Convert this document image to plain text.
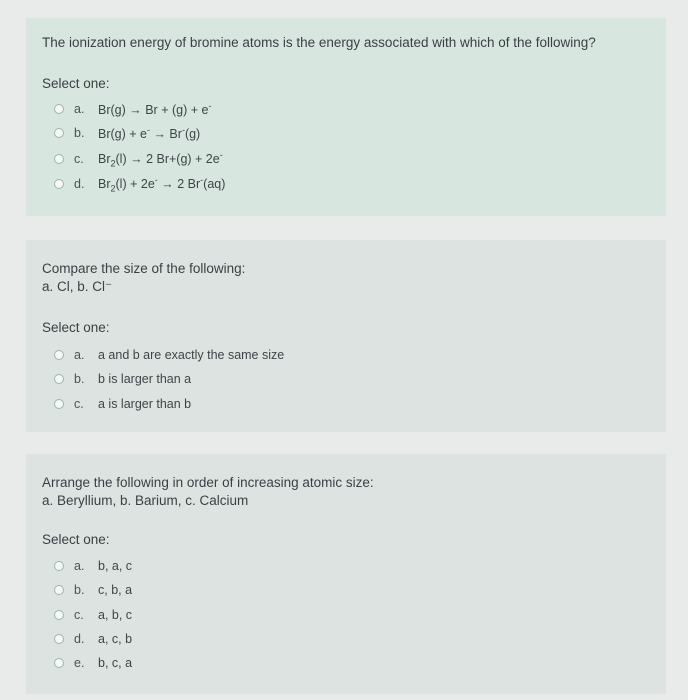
The ionization energy of bromine atoms is the energy associated with which of the following?
Select one:
a.	Br(g) → Br + (g) + e-
b.	Br(g) + e- → Br-(g)
c.	$Br_2(l) \to 2$ Br+(g) + 2e-
d.	$Br_2(l) + 2e^- \to 2$ Br-(aq)
Compare the size of the following:
a. Cl, b. Cl⁻
Select one:
a.	a and b are exactly the same size
b.	b is larger than a
c.	a is larger than b
Arrange the following in order of increasing atomic size:
a. Beryllium, b. Barium, c. Calcium
Select one:
a.	b, a, c
b.	c, b, a
c.	a, b, c
d.	a, c, b
e.	b, c, a
